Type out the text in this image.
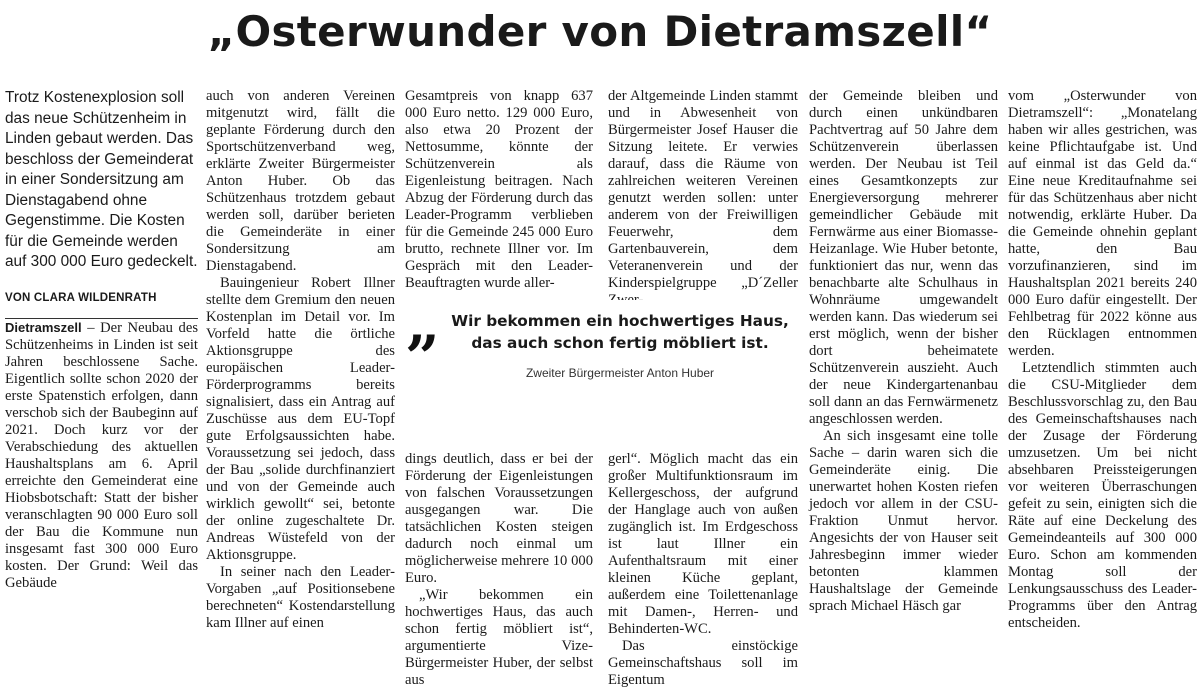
„Osterwunder von Dietramszell“

Trotz Kostenexplosion soll das neue Schützenheim in Linden gebaut werden. Das beschloss der Gemeinderat in einer Sondersitzung am Dienstagabend ohne Gegenstimme. Die Kosten für die Gemeinde werden auf 300 000 Euro gedeckelt.

VON CLARA WILDENRATH

Dietramszell – Der Neubau des Schützenheims in Linden ist seit Jahren beschlossene Sache. Eigentlich sollte schon 2020 der erste Spatenstich erfolgen, dann verschob sich der Baubeginn auf 2021. Doch kurz vor der Verabschiedung des aktuellen Haushaltsplans am 6. April erreichte den Gemeinderat eine Hiobsbotschaft: Statt der bisher veranschlagten 90 000 Euro soll der Bau die Kommune nun insgesamt fast 300 000 Euro kosten. Der Grund: Weil das Gebäude

auch von anderen Vereinen mitgenutzt wird, fällt die geplante Förderung durch den Sportschützenverband weg, erklärte Zweiter Bürgermeister Anton Huber. Ob das Schützenhaus trotzdem gebaut werden soll, darüber berieten die Gemeinderäte in einer Sondersitzung am Dienstagabend.

Bauingenieur Robert Illner stellte dem Gremium den neuen Kostenplan im Detail vor. Im Vorfeld hatte die örtliche Aktionsgruppe des europäischen Leader-Förderprogramms bereits signalisiert, dass ein Antrag auf Zuschüsse aus dem EU-Topf gute Erfolgsaussichten habe. Voraussetzung sei jedoch, dass der Bau „solide durchfinanziert und von der Gemeinde auch wirklich gewollt“ sei, betonte der online zugeschaltete Dr. Andreas Wüstefeld von der Aktionsgruppe.

In seiner nach den Leader-Vorgaben „auf Positionsebene berechneten“ Kostendarstellung kam Illner auf einen

Gesamtpreis von knapp 637 000 Euro netto. 129 000 Euro, also etwa 20 Prozent der Nettosumme, könnte der Schützenverein als Eigenleistung beitragen. Nach Abzug der Förderung durch das Leader-Programm verblieben für die Gemeinde 245 000 Euro brutto, rechnete Illner vor. Im Gespräch mit den Leader-Beauftragten wurde aller-

dings deutlich, dass er bei der Förderung der Eigenleistungen von falschen Voraussetzungen ausgegangen war. Die tatsächlichen Kosten steigen dadurch noch einmal um möglicherweise mehrere 10 000 Euro.

„Wir bekommen ein hochwertiges Haus, das auch schon fertig möbliert ist“, argumentierte Vize-Bürgermeister Huber, der selbst aus

der Altgemeinde Linden stammt und in Abwesenheit von Bürgermeister Josef Hauser die Sitzung leitete. Er verwies darauf, dass die Räume von zahlreichen weiteren Vereinen genutzt werden sollen: unter anderem von der Freiwilligen Feuerwehr, dem Gartenbauverein, dem Veteranenverein und der Kinderspielgruppe „D´Zeller

gerl“. Möglich macht das ein großer Multifunktionsraum im Kellergeschoss, der aufgrund der Hanglage auch von außen zugänglich ist. Im Erdgeschoss ist laut Illner ein Aufenthaltsraum mit einer kleinen Küche geplant, außerdem eine Toilettenanlage mit Damen-, Herren- und Behinderten-WC.

Das einstöckige Gemeinschaftshaus soll im Eigentum

der Gemeinde bleiben und durch einen unkündbaren Pachtvertrag auf 50 Jahre dem Schützenverein überlassen werden. Der Neubau ist Teil eines Gesamtkonzepts zur Energieversorgung mehrerer gemeindlicher Gebäude mit Fernwärme aus einer Biomasse-Heizanlage. Wie Huber betonte, funktioniert das nur, wenn das benachbarte alte Schulhaus in Wohnräume umgewandelt werden kann. Das wiederum sei erst möglich, wenn der bisher dort beheimatete Schützenverein auszieht. Auch der neue Kindergartenanbau soll dann an das Fernwärmenetz angeschlossen werden.

An sich insgesamt eine tolle Sache – darin waren sich die Gemeinderäte einig. Die unerwartet hohen Kosten riefen jedoch vor allem in der CSU-Fraktion Unmut hervor. Angesichts der von Hauser seit Jahresbeginn immer wieder betonten klammen Haushaltslage der Gemeinde sprach Michael Häsch gar

vom „Osterwunder von Dietramszell“: „Monatelang haben wir alles gestrichen, was keine Pflichtaufgabe ist. Und auf einmal ist das Geld da.“ Eine neue Kreditaufnahme sei für das Schützenhaus aber nicht notwendig, erklärte Huber. Da die Gemeinde ohnehin geplant hatte, den Bau vorzufinanzieren, sind im Haushaltsplan 2021 bereits 240 000 Euro dafür eingestellt. Der Fehlbetrag für 2022 könne aus den Rücklagen entnommen werden.

Letztendlich stimmten auch die CSU-Mitglieder dem Beschlussvorschlag zu, den Bau des Gemeinschaftshauses nach der Zusage der Förderung umzusetzen. Um bei nicht absehbaren Preissteigerungen vor weiteren Überraschungen gefeit zu sein, einigten sich die Räte auf eine Deckelung des Gemeindeanteils auf 300 000 Euro. Schon am kommenden Montag soll der Lenkungsausschuss des Leader-Programms über den Antrag entscheiden.

„ Wir bekommen ein hochwertiges Haus, das auch schon fertig möbliert ist.
Zweiter Bürgermeister Anton Huber
